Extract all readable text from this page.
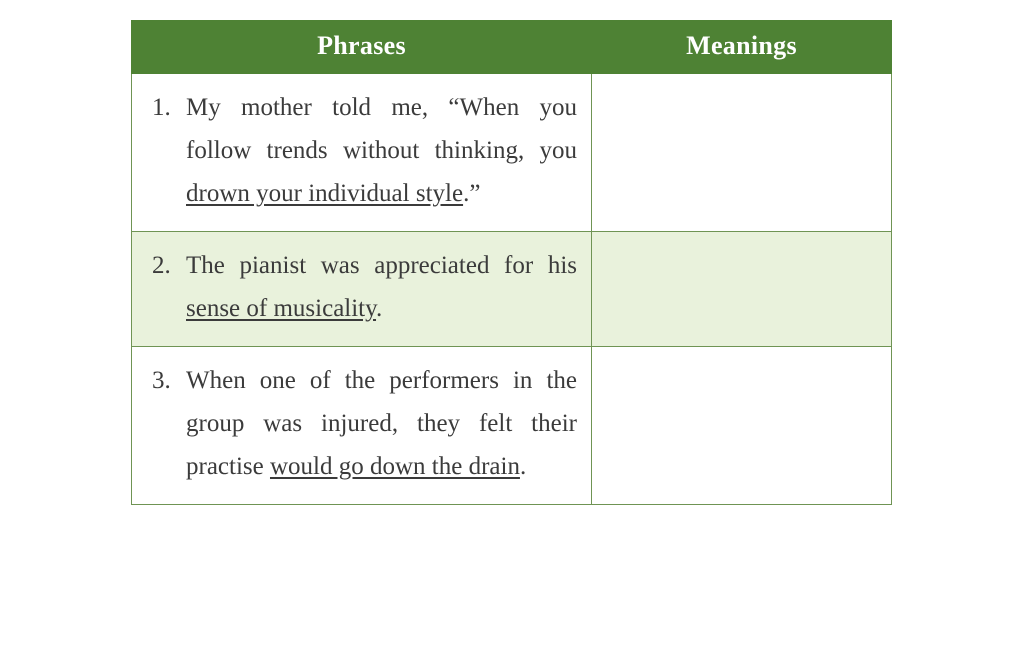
Phrases	Meanings

1. My mother told me, “When you follow trends without thinking, you drown your individual style.”	

2. The pianist was appreciated for his sense of musicality.	

3. When one of the performers in the group was injured, they felt their practise would go down the drain.	
